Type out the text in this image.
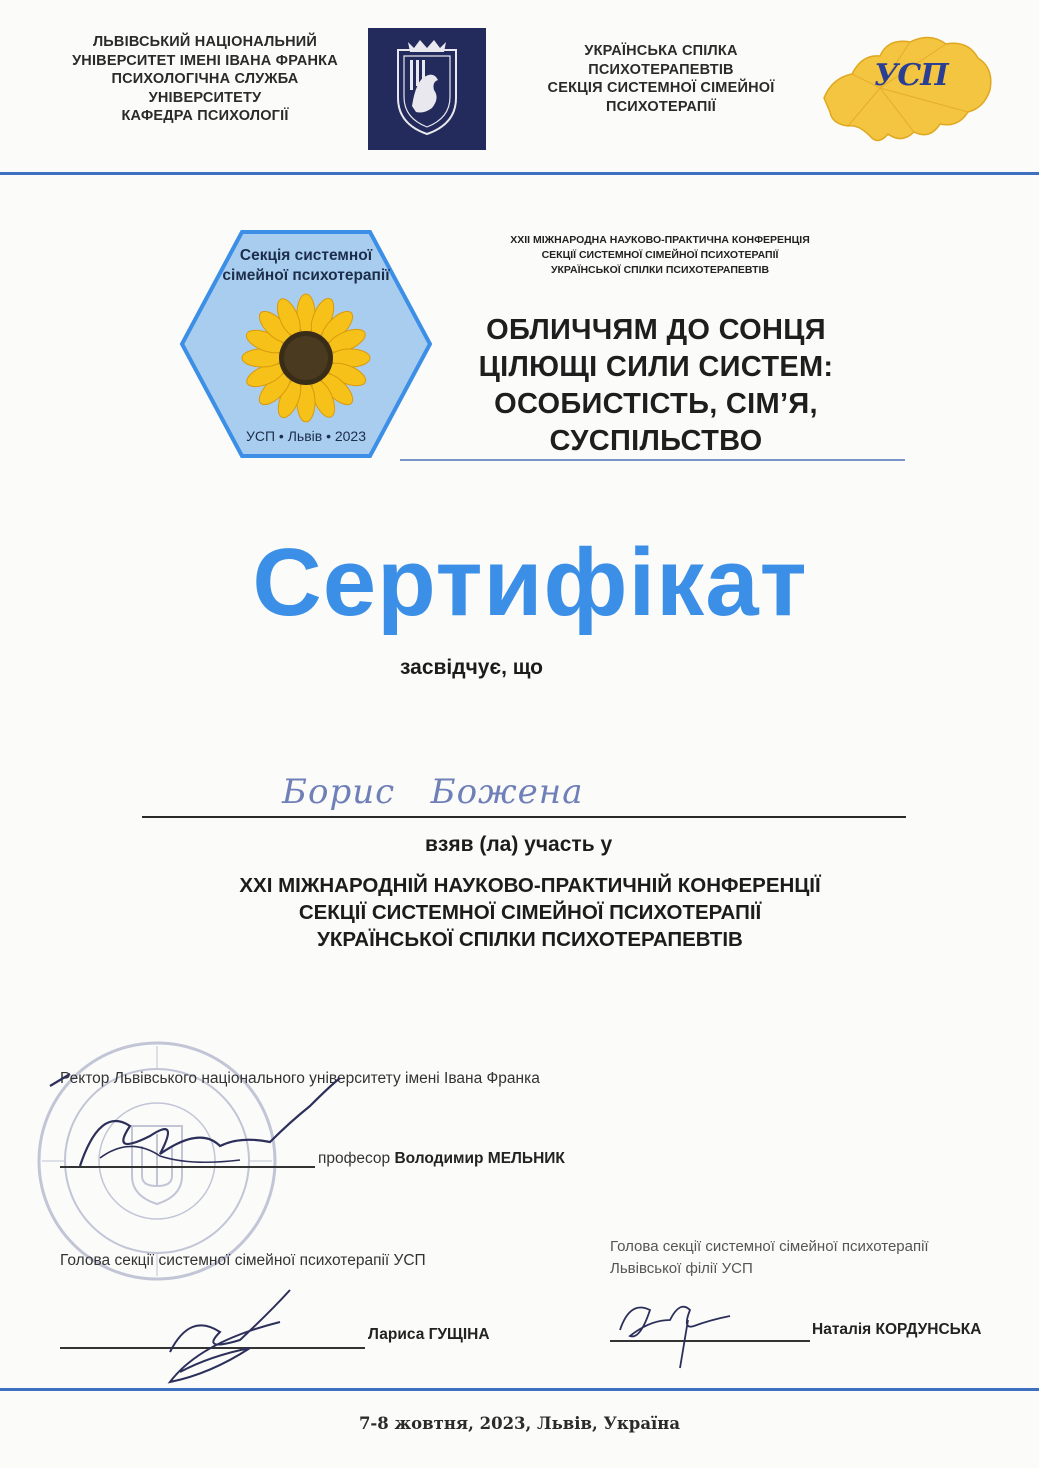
ЛЬВІВСЬКИЙ НАЦІОНАЛЬНИЙ
УНІВЕРСИТЕТ ІМЕНІ ІВАНА ФРАНКА
ПСИХОЛОГІЧНА СЛУЖБА
УНІВЕРСИТЕТУ
КАФЕДРА ПСИХОЛОГІЇ
УКРАЇНСЬКА СПІЛКА
ПСИХОТЕРАПЕВТІВ
СЕКЦІЯ СИСТЕМНОЇ СІМЕЙНОЇ
ПСИХОТЕРАПІЇ
УСП
Секція системної
сімейної психотерапії
УСП • Львів • 2023
XXII МІЖНАРОДНА НАУКОВО-ПРАКТИЧНА КОНФЕРЕНЦІЯ
СЕКЦІЇ СИСТЕМНОЇ СІМЕЙНОЇ ПСИХОТЕРАПІЇ
УКРАЇНСЬКОЇ СПІЛКИ ПСИХОТЕРАПЕВТІВ
ОБЛИЧЧЯМ ДО СОНЦЯ
ЦІЛЮЩІ СИЛИ СИСТЕМ:
ОСОБИСТІСТЬ, СІМ’Я, СУСПІЛЬСТВО
Сертифікат
засвідчує, що
Борис   Божена
взяв (ла) участь у
XXI МІЖНАРОДНІЙ НАУКОВО-ПРАКТИЧНІЙ КОНФЕРЕНЦІЇ
СЕКЦІЇ СИСТЕМНОЇ СІМЕЙНОЇ ПСИХОТЕРАПІЇ
УКРАЇНСЬКОЇ СПІЛКИ ПСИХОТЕРАПЕВТІВ
Ректор Львівського національного університету імені Івана Франка
професор Володимир МЕЛЬНИК
Голова секції системної сімейної психотерапії УСП
Лариса ГУЩІНА
Голова секції системної сімейної психотерапії
Львівської філії УСП
Наталія КОРДУНСЬКА
7-8 жовтня, 2023, Львів, Україна
